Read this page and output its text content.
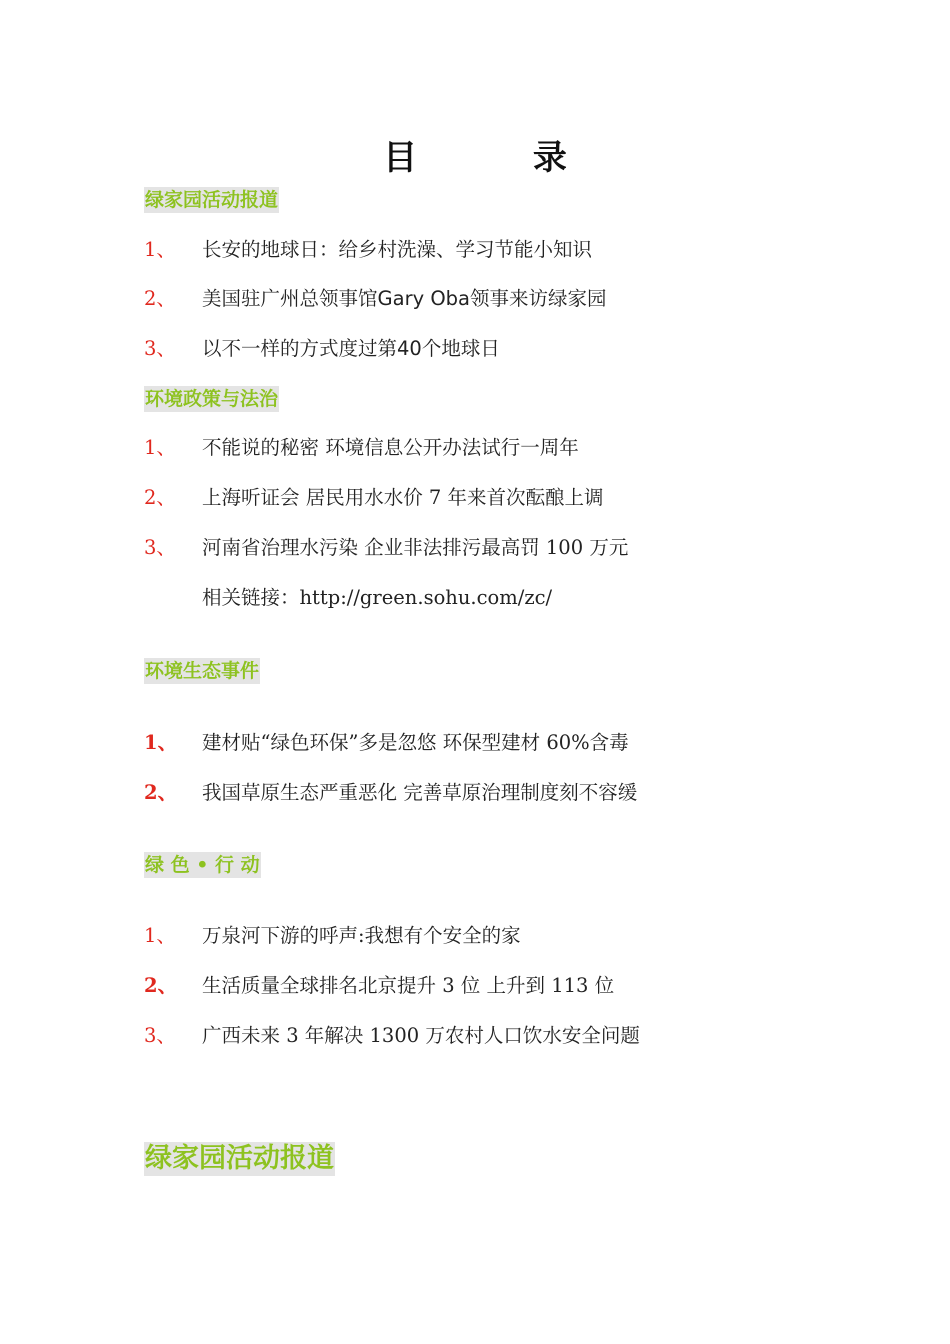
目 录
绿家园活动报道
1、 长安的地球日：给乡村洗澡、学习节能小知识
2、 美国驻广州总领事馆Gary Oba领事来访绿家园
3、 以不一样的方式度过第40个地球日
环境政策与法治
1、 不能说的秘密 环境信息公开办法试行一周年
2、 上海听证会 居民用水水价 7 年来首次酝酿上调
3、 河南省治理水污染 企业非法排污最高罚 100 万元
相关链接：http://green.sohu.com/zc/
环境生态事件
1、 建材贴“绿色环保”多是忽悠 环保型建材 60%含毒
2、 我国草原生态严重恶化 完善草原治理制度刻不容缓
绿 色 • 行 动
1、 万泉河下游的呼声:我想有个安全的家
2、 生活质量全球排名北京提升 3 位 上升到 113 位
3、 广西未来 3 年解决 1300 万农村人口饮水安全问题
绿家园活动报道
